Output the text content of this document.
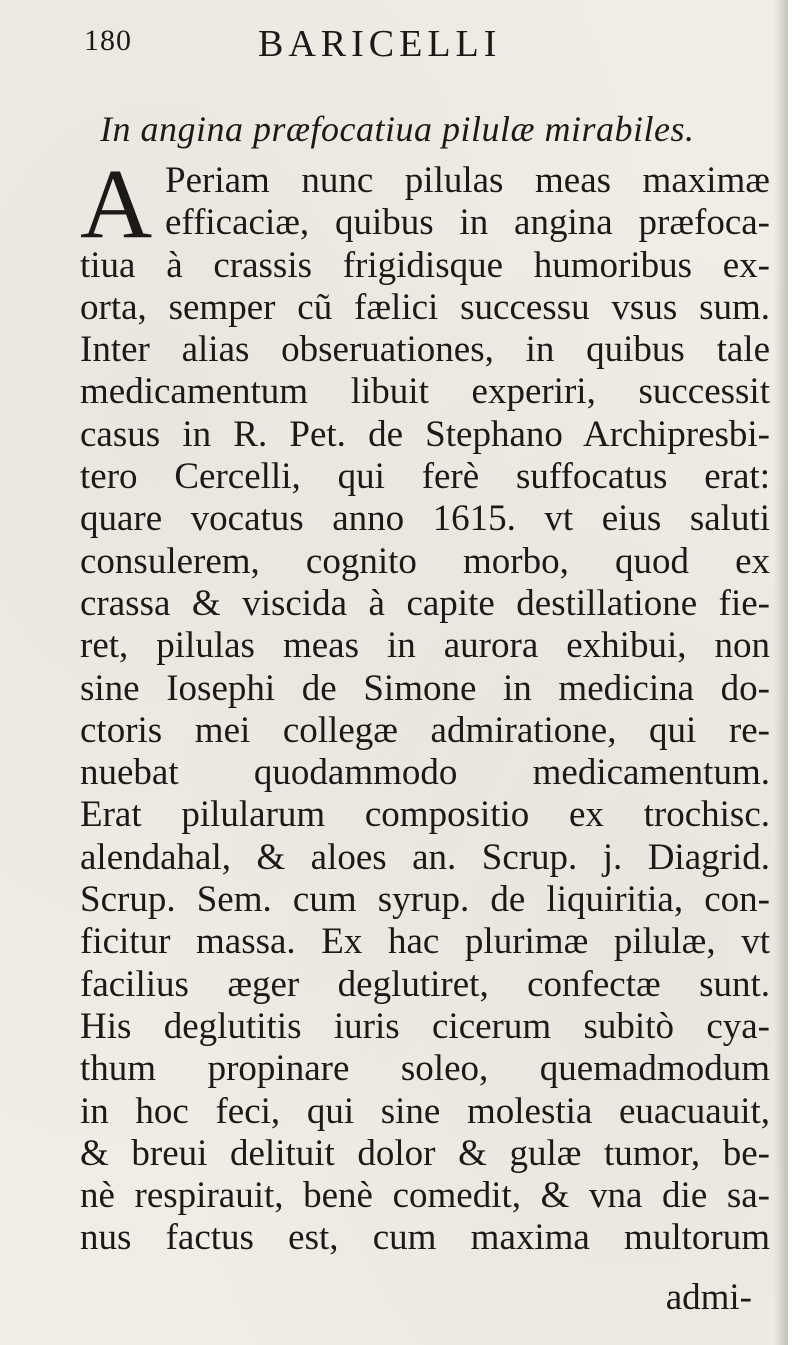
180	BARICELLI
In angina præfocatiua pilulæ mirabiles.
A Periam nunc pilulas meas maximæ
efficaciæ, quibus in angina præfoca-
tiua à crassis frigidisque humoribus ex-
orta, semper cũ fælici successu vsus sum.
Inter alias obseruationes, in quibus tale
medicamentum libuit experiri, successit
casus in R. Pet. de Stephano Archipresbi-
tero Cercelli, qui ferè suffocatus erat:
quare vocatus anno 1615. vt eius saluti
consulerem, cognito morbo, quod ex
crassa & viscida à capite destillatione fie-
ret, pilulas meas in aurora exhibui, non
sine Iosephi de Simone in medicina do-
ctoris mei collegæ admiratione, qui re-
nuebat quodammodo medicamentum.
Erat pilularum compositio ex trochisc.
alendahal, & aloes an. Scrup. j. Diagrid.
Scrup. Sem. cum syrup. de liquiritia, con-
ficitur massa. Ex hac plurimæ pilulæ, vt
facilius æger deglutiret, confectæ sunt.
His deglutitis iuris cicerum subitò cya-
thum propinare soleo, quemadmodum
in hoc feci, qui sine molestia euacuauit,
& breui delituit dolor & gulæ tumor, be-
nè respirauit, benè comedit, & vna die sa-
nus factus est, cum maxima multorum
admi-
